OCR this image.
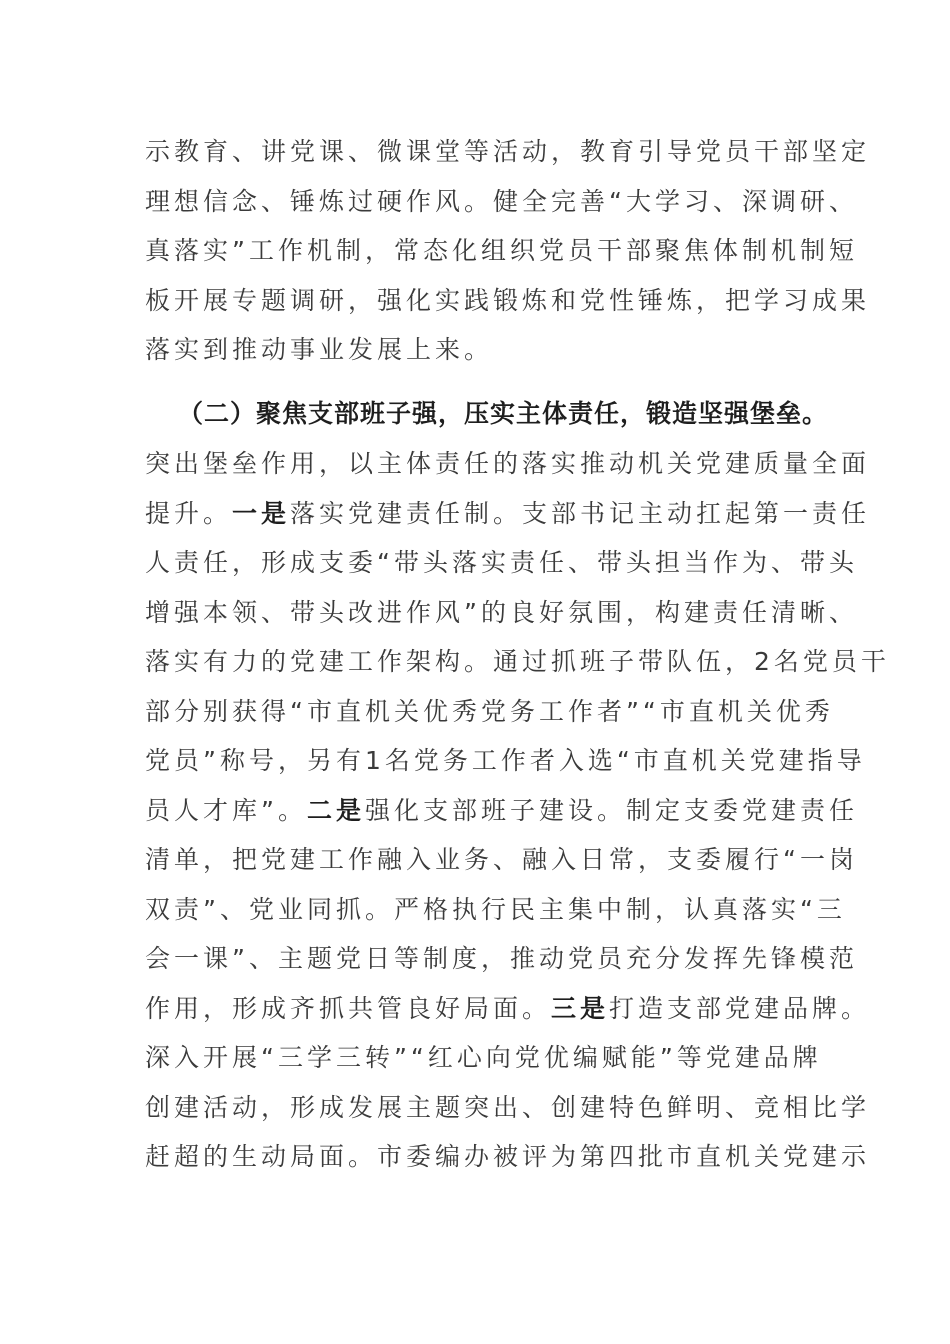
示教育、讲党课、微课堂等活动，教育引导党员干部坚定
理想信念、锤炼过硬作风。健全完善“大学习、深调研、
真落实”工作机制，常态化组织党员干部聚焦体制机制短
板开展专题调研，强化实践锻炼和党性锤炼，把学习成果
落实到推动事业发展上来。
（二）聚焦支部班子强，压实主体责任，锻造坚强堡垒。
突出堡垒作用，以主体责任的落实推动机关党建质量全面
提升。一是落实党建责任制。支部书记主动扛起第一责任
人责任，形成支委“带头落实责任、带头担当作为、带头
增强本领、带头改进作风”的良好氛围，构建责任清晰、
落实有力的党建工作架构。通过抓班子带队伍，2名党员干
部分别获得“市直机关优秀党务工作者”“市直机关优秀
党员”称号，另有1名党务工作者入选“市直机关党建指导
员人才库”。二是强化支部班子建设。制定支委党建责任
清单，把党建工作融入业务、融入日常，支委履行“一岗
双责”、党业同抓。严格执行民主集中制，认真落实“三
会一课”、主题党日等制度，推动党员充分发挥先锋模范
作用，形成齐抓共管良好局面。三是打造支部党建品牌。
深入开展“三学三转”“红心向党优编赋能”等党建品牌
创建活动，形成发展主题突出、创建特色鲜明、竞相比学
赶超的生动局面。市委编办被评为第四批市直机关党建示
